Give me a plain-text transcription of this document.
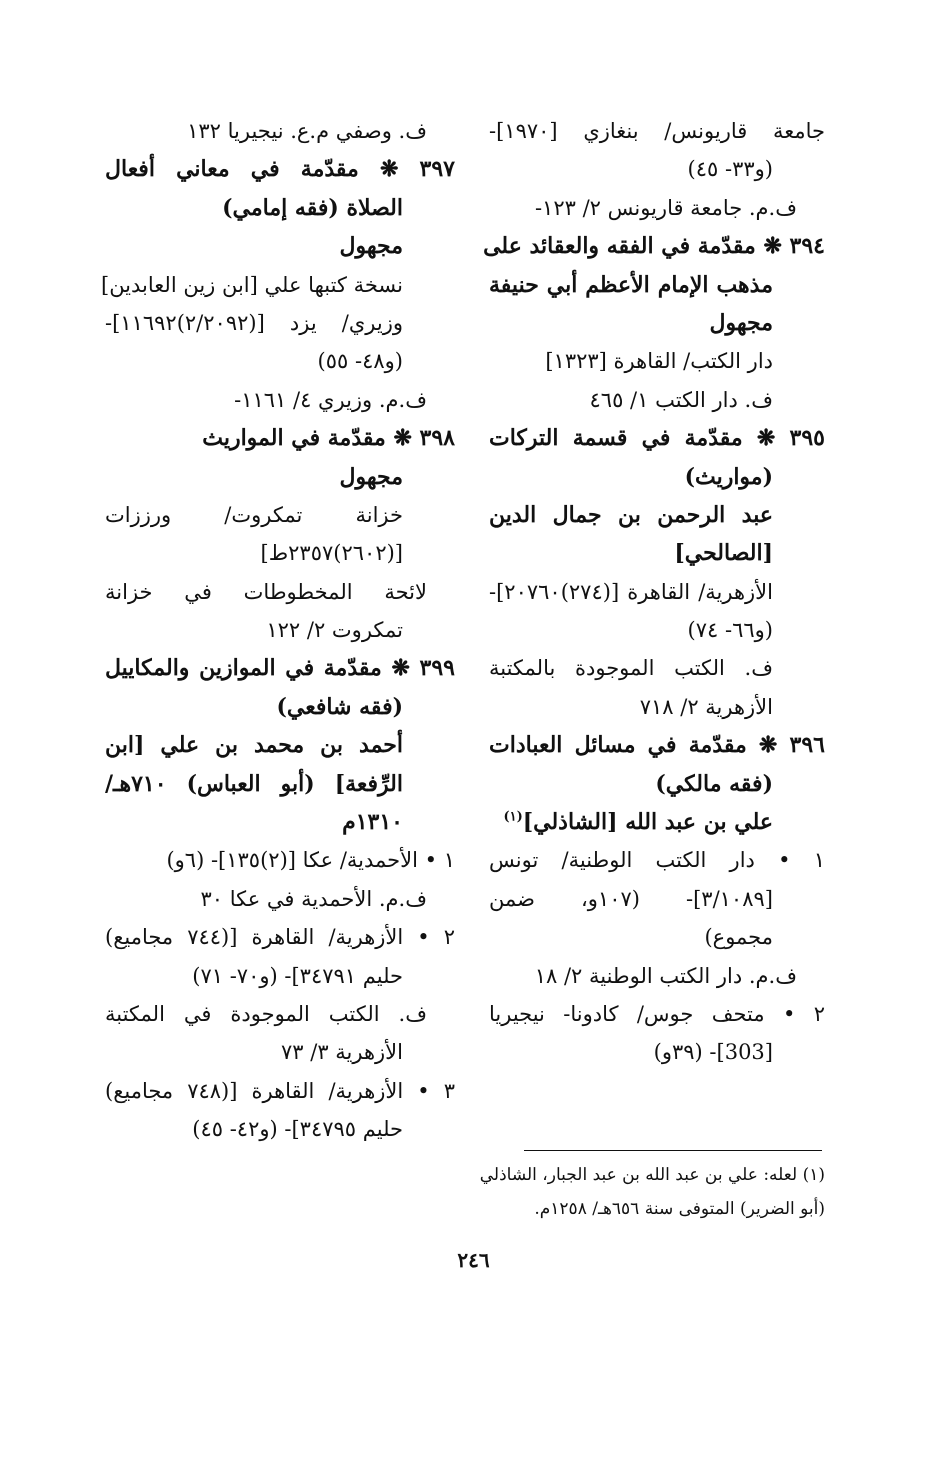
جامعة قاريونس/ بنغازي [١٩٧٠]-
(و٣٣- ٤٥)
ف.م. جامعة قاريونس ٢/ ١٢٣-
٣٩٤ ❋ مقدّمة في الفقه والعقائد على
مذهب الإمام الأعظم أبي حنيفة
مجهول
دار الكتب/ القاهرة [١٣٢٣]
ف. دار الكتب ١/ ٤٦٥
٣٩٥ ❋ مقدّمة في قسمة التركات
(مواريث)
عبد الرحمن بن جمال الدين
[الصالحي]
الأزهرية/ القاهرة [(٢٧٤)٢٠٧٦٠]-
(و٦٦- ٧٤)
ف. الكتب الموجودة بالمكتبة
الأزهرية ٢/ ٧١٨
٣٩٦ ❋ مقدّمة في مسائل العبادات
(فقه مالكي)
علي بن عبد الله [الشاذلي]$^{(١)}$
١ • دار الكتب الوطنية/ تونس
[٣/١٠٨٩]- (١٠٧و، ضمن
مجموع)
ف.م. دار الكتب الوطنية ٢/ ١٨
٢ • متحف جوس/ كادونا- نيجيريا
[303]- (٣٩و)
ف. وصفي م.ع. نيجيريا ١٣٢
٣٩٧ ❋ مقدّمة في معاني أفعال
الصلاة (فقه إمامي)
مجهول
نسخة كتبها علي [ابن زين العابدين]
وزيري/ يزد [(٢/٢٠٩٢)١١٦٩٢]-
(و٤٨- ٥٥)
ف.م. وزيري ٤/ ١١٦١-
٣٩٨ ❋ مقدّمة في المواريث
مجهول
خزانة تمكروت/ ورززات
[(٢٦٠٢)٢٣٥٧ط]
لائحة المخطوطات في خزانة
تمكروت ٢/ ١٢٢
٣٩٩ ❋ مقدّمة في الموازين والمكاييل
(فقه شافعي)
أحمد بن محمد بن علي [ابن
الرِّفعة] (أبو العباس) ٧١٠هـ/
١٣١٠م
١ • الأحمدية/ عكا [(٢)١٣٥]- (٦و)
ف.م. الأحمدية في عكا ٣٠
٢ • الأزهرية/ القاهرة [(٧٤٤ مجاميع)
حليم ٣٤٧٩١]- (و٧٠- ٧١)
ف. الكتب الموجودة في المكتبة
الأزهرية ٣/ ٧٣
٣ • الأزهرية/ القاهرة [(٧٤٨ مجاميع)
حليم ٣٤٧٩٥]- (و٤٢- ٤٥)
(١) لعله: علي بن عبد الله بن عبد الجبار، الشاذلي
(أبو الضرير) المتوفى سنة ٦٥٦هـ/ ١٢٥٨م.
٢٤٦
